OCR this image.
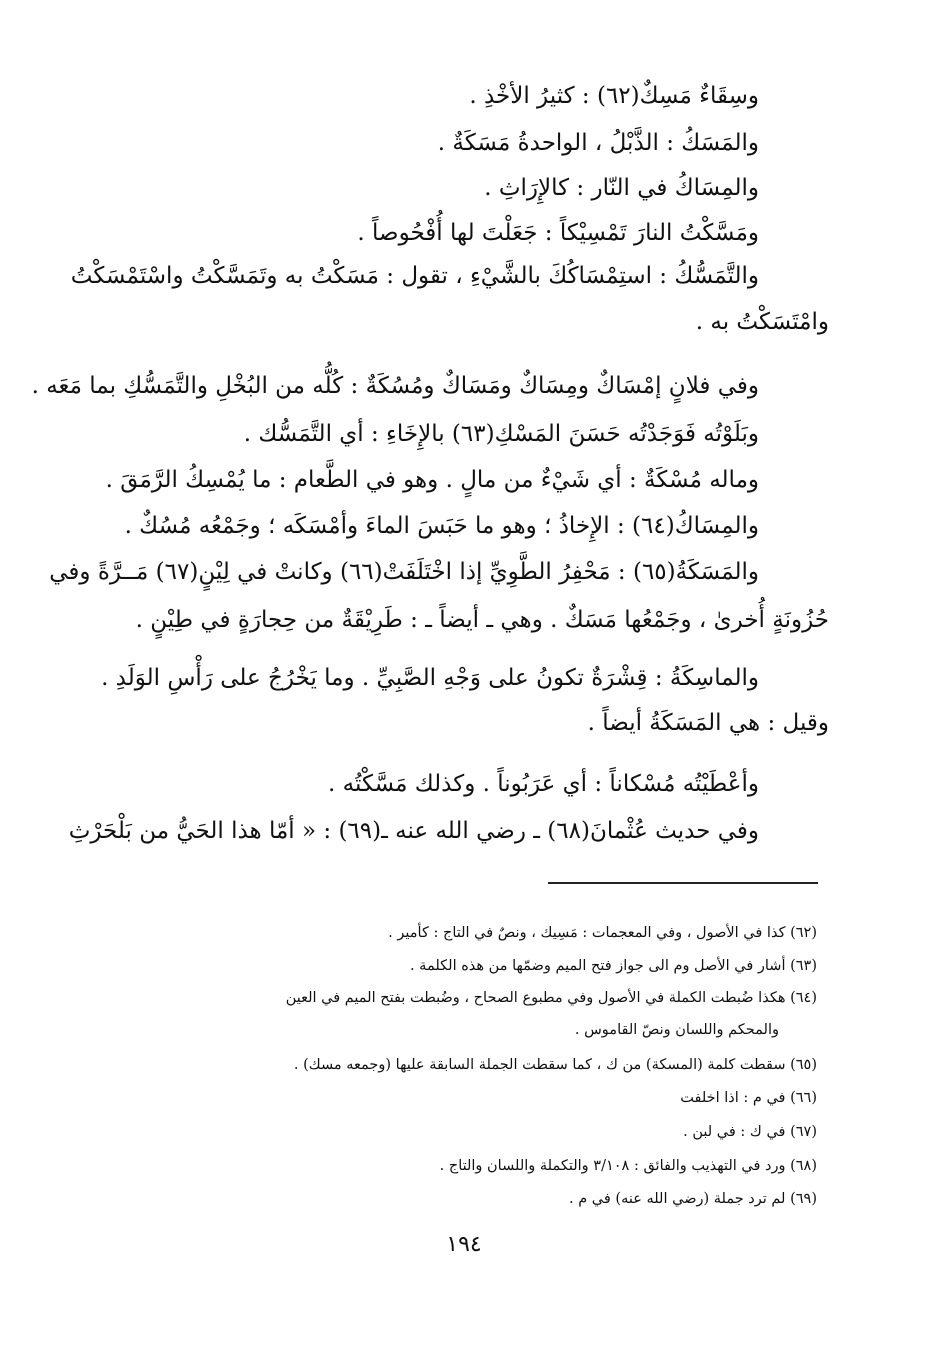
وسِقَاءٌ مَسِكٌ(٦٢) : كثيرُ الأخْذِ .
والمَسَكُ : الذَّبْلُ ، الواحدةُ مَسَكَةٌ .
والمِسَاكُ في النّار : كالإِرَاثِ .
ومَسَّكْتُ النارَ تَمْسِيْكاً : جَعَلْتَ لها أُفْحُوصاً .
والتَّمَسُّكُ : استِمْسَاكُكَ بالشَّيْءِ ، تقول : مَسَكْتُ به وتَمَسَّكْتُ واسْتَمْسَكْتُ
وامْتَسَكْتُ به .
وفي فلانٍ إمْسَاكٌ ومِسَاكٌ ومَسَاكٌ ومُسُكَةٌ : كُلُّه من البُخْلِ والتَّمَسُّكِ بما مَعَه .
وبَلَوْتُه فَوَجَدْتُه حَسَنَ المَسْكِ(٦٣) بالإِخَاءِ : أي التَّمَسُّك .
وماله مُسْكَةٌ : أي شَيْءٌ من مالٍ . وهو في الطَّعام : ما يُمْسِكُ الرَّمَقَ .
والمِسَاكُ(٦٤) : الإِخاذُ ؛ وهو ما حَبَسَ الماءَ وأمْسَكَه ؛ وجَمْعُه مُسُكٌ .
والمَسَكَةُ(٦٥) : مَحْفِرُ الطَّوِيِّ إذا اخْتَلَفَتْ(٦٦) وكانتْ في لِيْنٍ(٦٧) مَــرَّةً وفي
حُزُونَةٍ أُخرىٰ ، وجَمْعُها مَسَكٌ . وهي ـ أيضاً ـ : طَرِيْقَةٌ من حِجارَةٍ في طِيْنٍ .
والماسِكَةُ : قِشْرَةٌ تكونُ على وَجْهِ الصَّبِيِّ . وما يَخْرُجُ على رَأْسِ الوَلَدِ .
وقيل : هي المَسَكَةُ أيضاً .
وأعْطَيْتُه مُسْكاناً : أي عَرَبُوناً . وكذلك مَسَّكْتُه .
وفي حديث عُثْمانَ(٦٨) ـ رضي الله عنه ـ(٦٩) : « أمّا هذا الحَيُّ من بَلْحَرْثِ
(٦٢) كذا في الأصول ، وفي المعجمات : مَسِيك ، ونصٌ في التاج : كأمير .
(٦٣) أشار في الأصل وم الى جواز فتح الميم وضمّها من هذه الكلمة .
(٦٤) هكذا ضُبطت الكملة في الأصول وفي مطبوع الصحاح ، وضُبطت بفتح الميم في العين
والمحكم واللسان ونصّ القاموس .
(٦٥) سقطت كلمة (المسكة) من ك ، كما سقطت الجملة السابقة عليها (وجمعه مسك) .
(٦٦) في م : اذا اخلفت
(٦٧) في ك : في لبن .
(٦٨) ورد في التهذيب والفائق : ٣/١٠٨ والتكملة واللسان والتاج .
(٦٩) لم ترد جملة (رضي الله عنه) في م .
١٩٤
